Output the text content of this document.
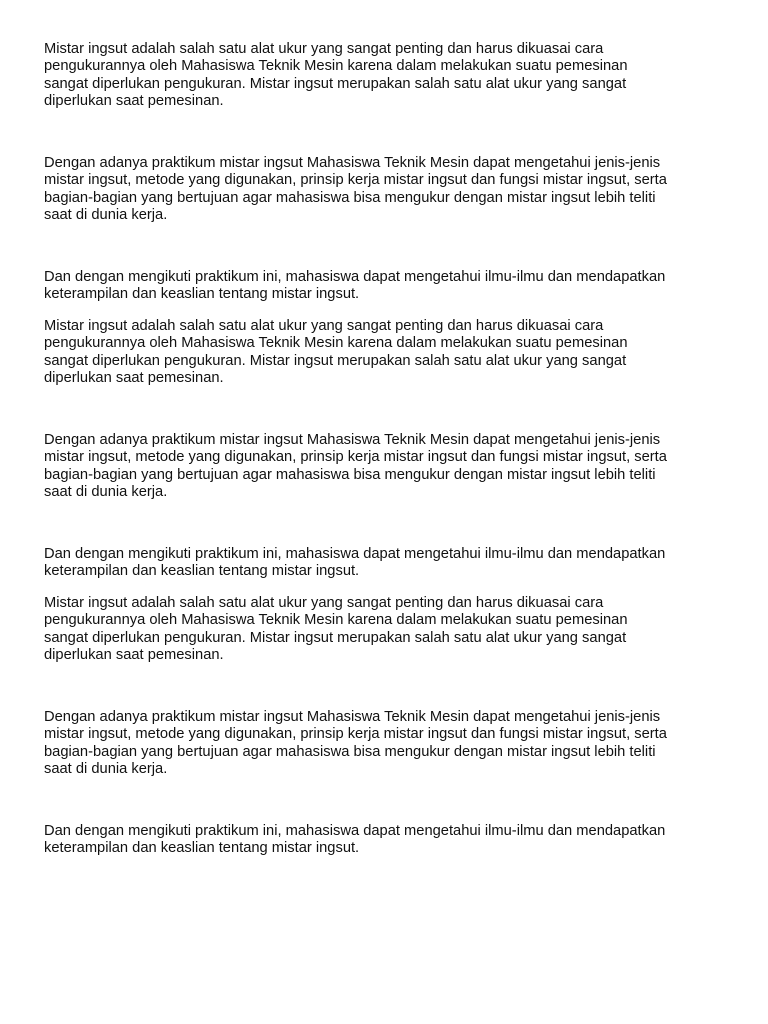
Mistar ingsut adalah salah satu alat ukur yang sangat penting dan harus dikuasai cara
pengukurannya oleh Mahasiswa Teknik Mesin karena dalam melakukan suatu pemesinan
sangat diperlukan pengukuran. Mistar ingsut merupakan salah satu alat ukur yang sangat
diperlukan saat pemesinan.
Dengan adanya praktikum mistar ingsut Mahasiswa Teknik Mesin dapat mengetahui jenis-jenis
mistar ingsut, metode yang digunakan, prinsip kerja mistar ingsut dan fungsi mistar ingsut, serta
bagian-bagian yang bertujuan agar mahasiswa bisa mengukur dengan mistar ingsut lebih teliti
saat di dunia kerja.
Dan dengan mengikuti praktikum ini, mahasiswa dapat mengetahui ilmu-ilmu dan mendapatkan
keterampilan dan keaslian tentang mistar ingsut.
Mistar ingsut adalah salah satu alat ukur yang sangat penting dan harus dikuasai cara
pengukurannya oleh Mahasiswa Teknik Mesin karena dalam melakukan suatu pemesinan
sangat diperlukan pengukuran. Mistar ingsut merupakan salah satu alat ukur yang sangat
diperlukan saat pemesinan.
Dengan adanya praktikum mistar ingsut Mahasiswa Teknik Mesin dapat mengetahui jenis-jenis
mistar ingsut, metode yang digunakan, prinsip kerja mistar ingsut dan fungsi mistar ingsut, serta
bagian-bagian yang bertujuan agar mahasiswa bisa mengukur dengan mistar ingsut lebih teliti
saat di dunia kerja.
Dan dengan mengikuti praktikum ini, mahasiswa dapat mengetahui ilmu-ilmu dan mendapatkan
keterampilan dan keaslian tentang mistar ingsut.
Mistar ingsut adalah salah satu alat ukur yang sangat penting dan harus dikuasai cara
pengukurannya oleh Mahasiswa Teknik Mesin karena dalam melakukan suatu pemesinan
sangat diperlukan pengukuran. Mistar ingsut merupakan salah satu alat ukur yang sangat
diperlukan saat pemesinan.
Dengan adanya praktikum mistar ingsut Mahasiswa Teknik Mesin dapat mengetahui jenis-jenis
mistar ingsut, metode yang digunakan, prinsip kerja mistar ingsut dan fungsi mistar ingsut, serta
bagian-bagian yang bertujuan agar mahasiswa bisa mengukur dengan mistar ingsut lebih teliti
saat di dunia kerja.
Dan dengan mengikuti praktikum ini, mahasiswa dapat mengetahui ilmu-ilmu dan mendapatkan
keterampilan dan keaslian tentang mistar ingsut.
